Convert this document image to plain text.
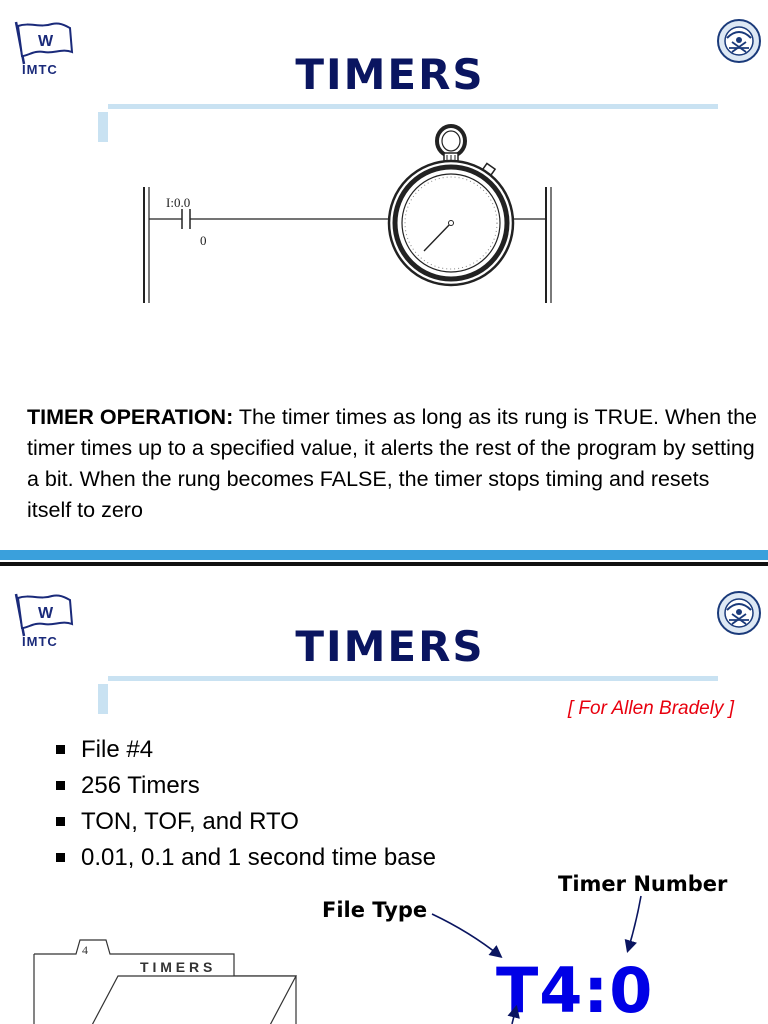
W
IMTC	TIMERS
I:0.0
0
TIMER OPERATION: The timer times as long as its rung is TRUE. When the timer times up to a specified value, it alerts the rest of the program by setting a bit. When the rung becomes FALSE, the timer stops timing and resets itself to zero
W
IMTC	TIMERS
[ For Allen Bradely ]
File #4
256 Timers
TON, TOF, and RTO
0.01, 0.1 and 1 second time base
Timer Number
File Type
4
T I M E R S	T4:0
